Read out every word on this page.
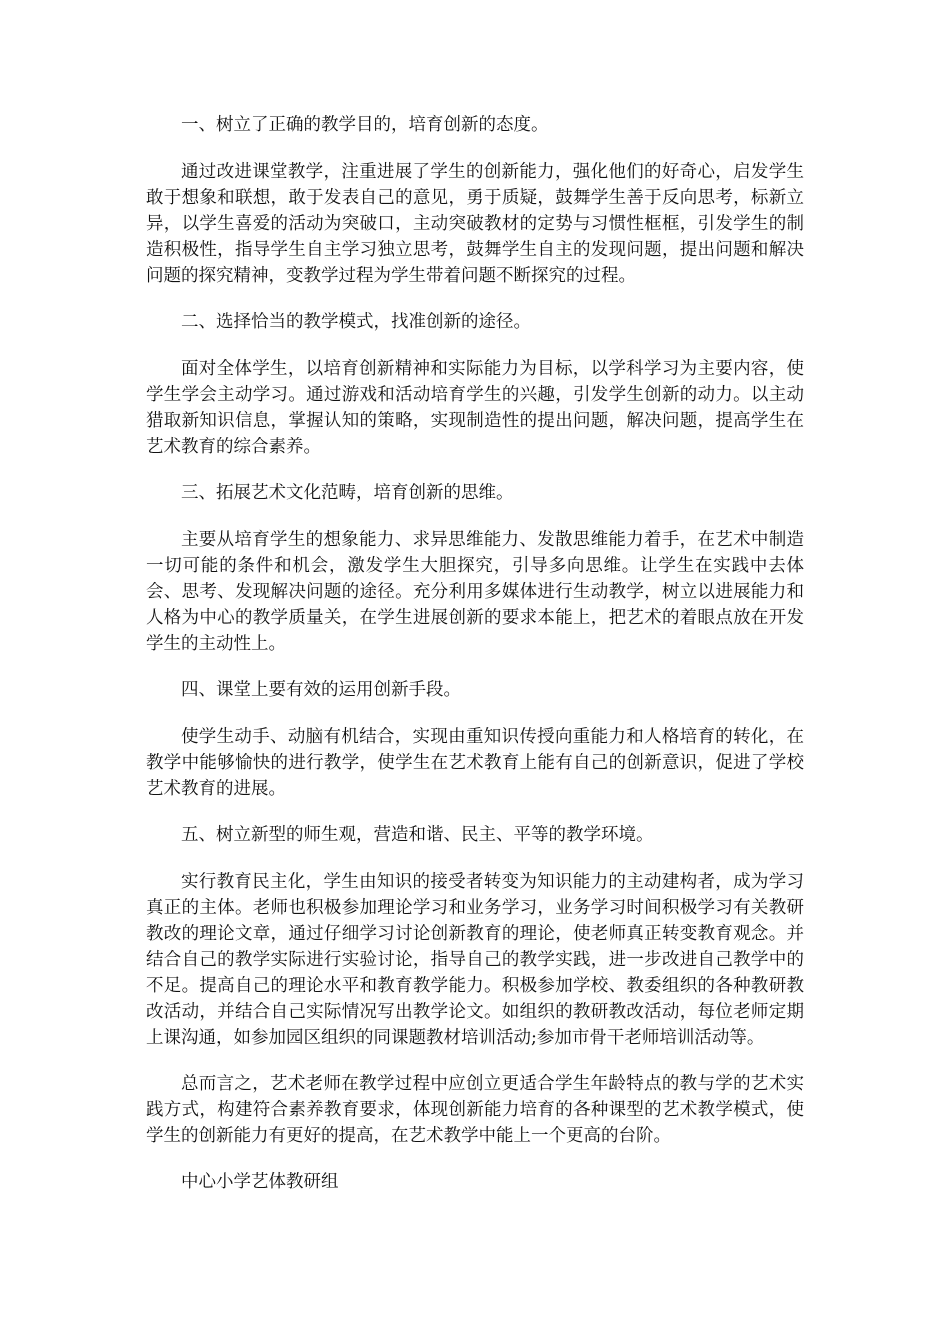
一、树立了正确的教学目的，培育创新的态度。

通过改进课堂教学，注重进展了学生的创新能力，强化他们的好奇心，启发学生敢于想象和联想，敢于发表自己的意见，勇于质疑，鼓舞学生善于反向思考，标新立异，以学生喜爱的活动为突破口，主动突破教材的定势与习惯性框框，引发学生的制造积极性，指导学生自主学习独立思考，鼓舞学生自主的发现问题，提出问题和解决问题的探究精神，变教学过程为学生带着问题不断探究的过程。

二、选择恰当的教学模式，找准创新的途径。

面对全体学生，以培育创新精神和实际能力为目标，以学科学习为主要内容，使学生学会主动学习。通过游戏和活动培育学生的兴趣，引发学生创新的动力。以主动猎取新知识信息，掌握认知的策略，实现制造性的提出问题，解决问题，提高学生在艺术教育的综合素养。

三、拓展艺术文化范畴，培育创新的思维。

主要从培育学生的想象能力、求异思维能力、发散思维能力着手，在艺术中制造一切可能的条件和机会，激发学生大胆探究，引导多向思维。让学生在实践中去体会、思考、发现解决问题的途径。充分利用多媒体进行生动教学，树立以进展能力和人格为中心的教学质量关，在学生进展创新的要求本能上，把艺术的着眼点放在开发学生的主动性上。

四、课堂上要有效的运用创新手段。

使学生动手、动脑有机结合，实现由重知识传授向重能力和人格培育的转化，在教学中能够愉快的进行教学，使学生在艺术教育上能有自己的创新意识，促进了学校艺术教育的进展。

五、树立新型的师生观，营造和谐、民主、平等的教学环境。

实行教育民主化，学生由知识的接受者转变为知识能力的主动建构者，成为学习真正的主体。老师也积极参加理论学习和业务学习，业务学习时间积极学习有关教研教改的理论文章，通过仔细学习讨论创新教育的理论，使老师真正转变教育观念。并结合自己的教学实际进行实验讨论，指导自己的教学实践，进一步改进自己教学中的不足。提高自己的理论水平和教育教学能力。积极参加学校、教委组织的各种教研教改活动，并结合自己实际情况写出教学论文。如组织的教研教改活动，每位老师定期上课沟通，如参加园区组织的同课题教材培训活动;参加市骨干老师培训活动等。

总而言之，艺术老师在教学过程中应创立更适合学生年龄特点的教与学的艺术实践方式，构建符合素养教育要求，体现创新能力培育的各种课型的艺术教学模式，使学生的创新能力有更好的提高，在艺术教学中能上一个更高的台阶。

中心小学艺体教研组
